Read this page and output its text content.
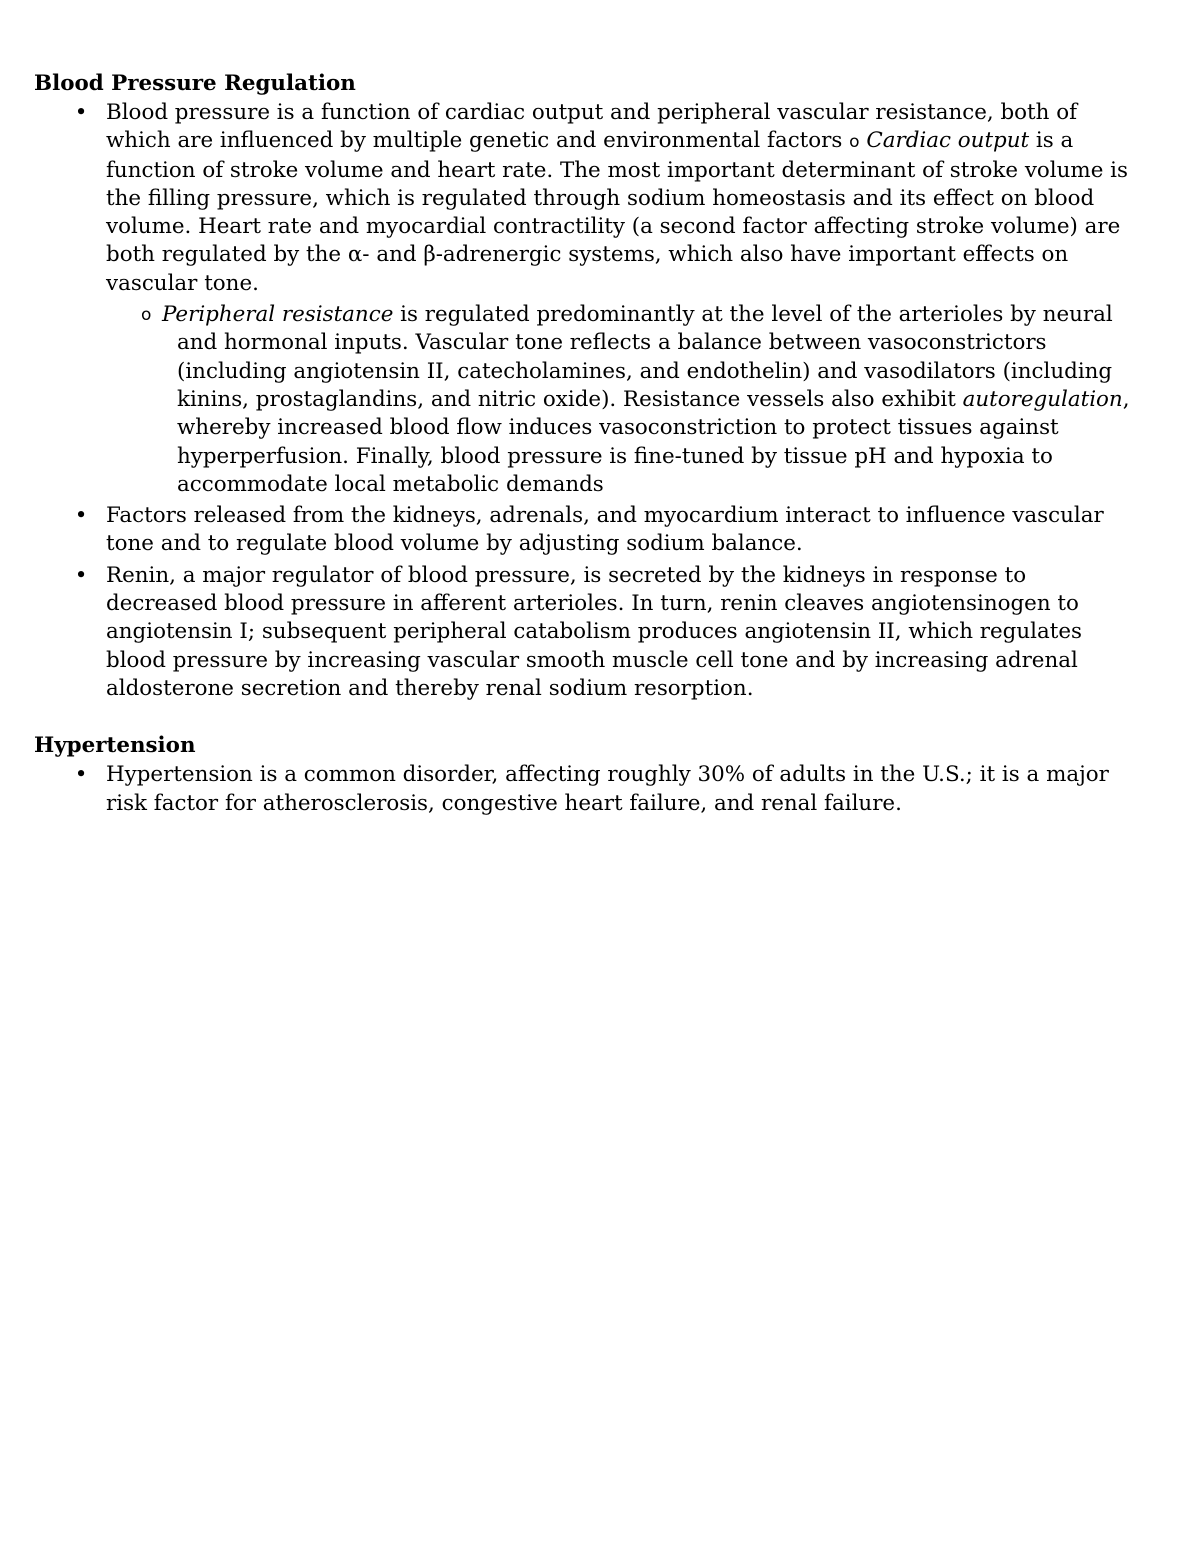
Blood Pressure Regulation
• Blood pressure is a function of cardiac output and peripheral vascular resistance, both of which are influenced by multiple genetic and environmental factors o Cardiac output is a function of stroke volume and heart rate. The most important determinant of stroke volume is the filling pressure, which is regulated through sodium homeostasis and its effect on blood volume. Heart rate and myocardial contractility (a second factor affecting stroke volume) are both regulated by the α- and β-adrenergic systems, which also have important effects on vascular tone.
o Peripheral resistance is regulated predominantly at the level of the arterioles by neural and hormonal inputs. Vascular tone reflects a balance between vasoconstrictors (including angiotensin II, catecholamines, and endothelin) and vasodilators (including kinins, prostaglandins, and nitric oxide). Resistance vessels also exhibit autoregulation, whereby increased blood flow induces vasoconstriction to protect tissues against hyperperfusion. Finally, blood pressure is fine-tuned by tissue pH and hypoxia to accommodate local metabolic demands
• Factors released from the kidneys, adrenals, and myocardium interact to influence vascular tone and to regulate blood volume by adjusting sodium balance.
• Renin, a major regulator of blood pressure, is secreted by the kidneys in response to decreased blood pressure in afferent arterioles. In turn, renin cleaves angiotensinogen to angiotensin I; subsequent peripheral catabolism produces angiotensin II, which regulates blood pressure by increasing vascular smooth muscle cell tone and by increasing adrenal aldosterone secretion and thereby renal sodium resorption.
Hypertension
• Hypertension is a common disorder, affecting roughly 30% of adults in the U.S.; it is a major risk factor for atherosclerosis, congestive heart failure, and renal failure.
